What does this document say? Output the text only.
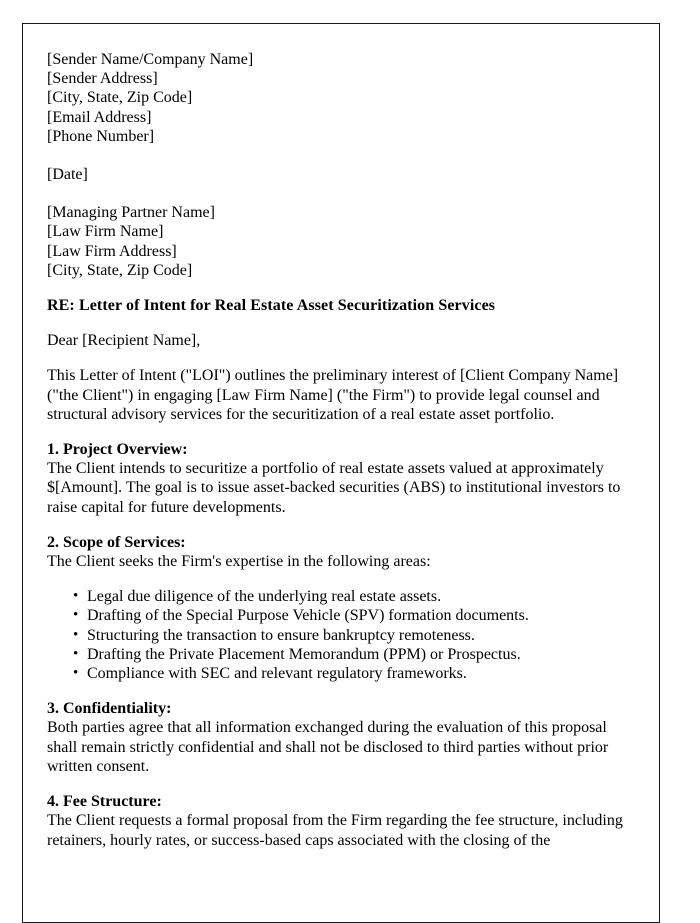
[Sender Name/Company Name]
[Sender Address]
[City, State, Zip Code]
[Email Address]
[Phone Number]
[Date]
[Managing Partner Name]
[Law Firm Name]
[Law Firm Address]
[City, State, Zip Code]

RE: Letter of Intent for Real Estate Asset Securitization Services

Dear [Recipient Name],

This Letter of Intent ("LOI") outlines the preliminary interest of [Client Company Name] ("the Client") in engaging [Law Firm Name] ("the Firm") to provide legal counsel and structural advisory services for the securitization of a real estate asset portfolio.

1. Project Overview:

The Client intends to securitize a portfolio of real estate assets valued at approximately $[Amount]. The goal is to issue asset-backed securities (ABS) to institutional investors to raise capital for future developments.

2. Scope of Services:

The Client seeks the Firm's expertise in the following areas:

• Legal due diligence of the underlying real estate assets.
• Drafting of the Special Purpose Vehicle (SPV) formation documents.
• Structuring the transaction to ensure bankruptcy remoteness.
• Drafting the Private Placement Memorandum (PPM) or Prospectus.
• Compliance with SEC and relevant regulatory frameworks.

3. Confidentiality:

Both parties agree that all information exchanged during the evaluation of this proposal shall remain strictly confidential and shall not be disclosed to third parties without prior written consent.

4. Fee Structure:

The Client requests a formal proposal from the Firm regarding the fee structure, including retainers, hourly rates, or success-based caps associated with the closing of the
